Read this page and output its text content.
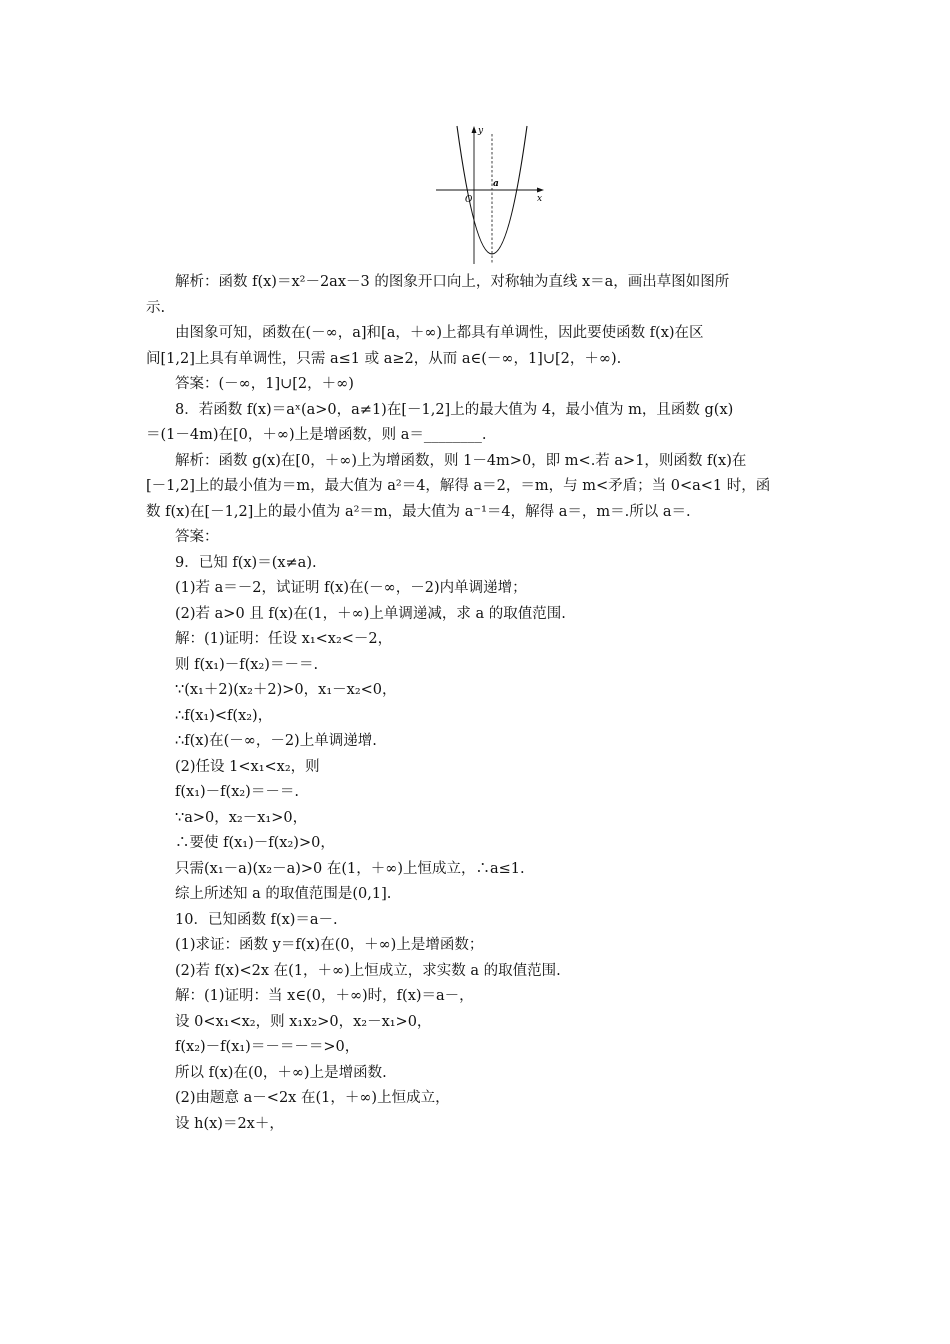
y
x
O
a
解析：函数 f(x)＝x²－2ax－3 的图象开口向上，对称轴为直线 x＝a，画出草图如图所
示.
由图象可知，函数在(－∞，a]和[a，＋∞)上都具有单调性，因此要使函数 f(x)在区
间[1,2]上具有单调性，只需 a≤1 或 a≥2，从而 a∈(－∞，1]∪[2，＋∞).
答案：(－∞，1]∪[2，＋∞)
8．若函数 f(x)＝aˣ(a>0，a≠1)在[－1,2]上的最大值为 4，最小值为 m，且函数 g(x)
＝(1－4m)在[0，＋∞)上是增函数，则 a＝________.
解析：函数 g(x)在[0，＋∞)上为增函数，则 1－4m>0，即 m<.若 a>1，则函数 f(x)在
[－1,2]上的最小值为＝m，最大值为 a²＝4，解得 a＝2，＝m，与 m<矛盾；当 0<a<1 时，函
数 f(x)在[－1,2]上的最小值为 a²＝m，最大值为 a⁻¹＝4，解得 a＝，m＝.所以 a＝.
答案：
9．已知 f(x)＝(x≠a).
(1)若 a＝－2，试证明 f(x)在(－∞，－2)内单调递增；
(2)若 a>0 且 f(x)在(1，＋∞)上单调递减，求 a 的取值范围.
解：(1)证明：任设 x₁<x₂<－2，
则 f(x₁)－f(x₂)＝－＝.
∵(x₁＋2)(x₂＋2)>0，x₁－x₂<0，
∴f(x₁)<f(x₂)，
∴f(x)在(－∞，－2)上单调递增.
(2)任设 1<x₁<x₂，则
f(x₁)－f(x₂)＝－＝.
∵a>0，x₂－x₁>0，
∴要使 f(x₁)－f(x₂)>0，
只需(x₁－a)(x₂－a)>0 在(1，＋∞)上恒成立，∴a≤1.
综上所述知 a 的取值范围是(0,1].
10．已知函数 f(x)＝a－.
(1)求证：函数 y＝f(x)在(0，＋∞)上是增函数；
(2)若 f(x)<2x 在(1，＋∞)上恒成立，求实数 a 的取值范围.
解：(1)证明：当 x∈(0，＋∞)时，f(x)＝a－，
设 0<x₁<x₂，则 x₁x₂>0，x₂－x₁>0，
f(x₂)－f(x₁)＝－＝－＝>0，
所以 f(x)在(0，＋∞)上是增函数.
(2)由题意 a－<2x 在(1，＋∞)上恒成立，
设 h(x)＝2x＋，
